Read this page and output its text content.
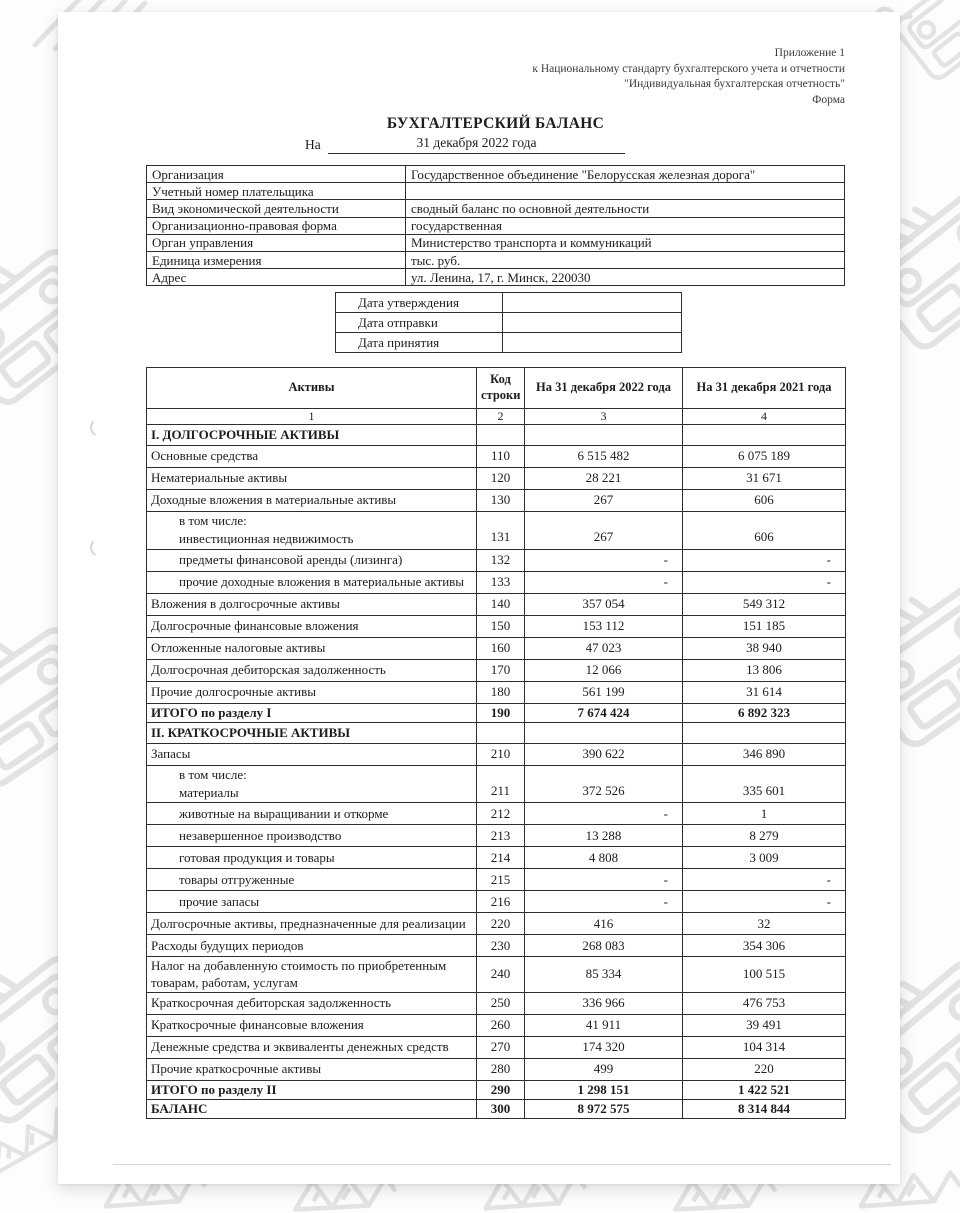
Приложение 1
к Национальному стандарту бухгалтерского учета и отчетности
"Индивидуальная бухгалтерская отчетность"
Форма
БУХГАЛТЕРСКИЙ БАЛАНС
На	31 декабря 2022 года
Организация	Государственное объединение "Белорусская железная дорога"
Учетный номер плательщика	
Вид экономической деятельности	сводный баланс по основной деятельности
Организационно-правовая форма	государственная
Орган управления	Министерство транспорта и коммуникаций
Единица измерения	тыс. руб.
Адрес	ул. Ленина, 17, г. Минск, 220030
Дата утверждения	
Дата отправки	
Дата принятия	
Активы	Код строки	На 31 декабря 2022 года	На 31 декабря 2021 года
1	2	3	4
I. ДОЛГОСРОЧНЫЕ АКТИВЫ			
Основные средства	110	6 515 482	6 075 189
Нематериальные активы	120	28 221	31 671
Доходные вложения в материальные активы	130	267	606

в том числе:
инвестиционная недвижимость	131	267	606
предметы финансовой аренды (лизинга)	132	-	-
прочие доходные вложения в материальные активы	133	-	-
Вложения в долгосрочные активы	140	357 054	549 312
Долгосрочные финансовые вложения	150	153 112	151 185
Отложенные налоговые активы	160	47 023	38 940
Долгосрочная дебиторская задолженность	170	12 066	13 806
Прочие долгосрочные активы	180	561 199	31 614
ИТОГО по разделу I	190	7 674 424	6 892 323
II. КРАТКОСРОЧНЫЕ АКТИВЫ			
Запасы	210	390 622	346 890

в том числе:
материалы	211	372 526	335 601
животные на выращивании и откорме	212	-	1
незавершенное производство	213	13 288	8 279
готовая продукция и товары	214	4 808	3 009
товары отгруженные	215	-	-
прочие запасы	216	-	-
Долгосрочные активы, предназначенные для реализации	220	416	32
Расходы будущих периодов	230	268 083	354 306
Налог на добавленную стоимость по приобретенным товарам, работам, услугам	240	85 334	100 515
Краткосрочная дебиторская задолженность	250	336 966	476 753
Краткосрочные финансовые вложения	260	41 911	39 491
Денежные средства и эквиваленты денежных средств	270	174 320	104 314
Прочие краткосрочные активы	280	499	220
ИТОГО по разделу II	290	1 298 151	1 422 521
БАЛАНС	300	8 972 575	8 314 844
